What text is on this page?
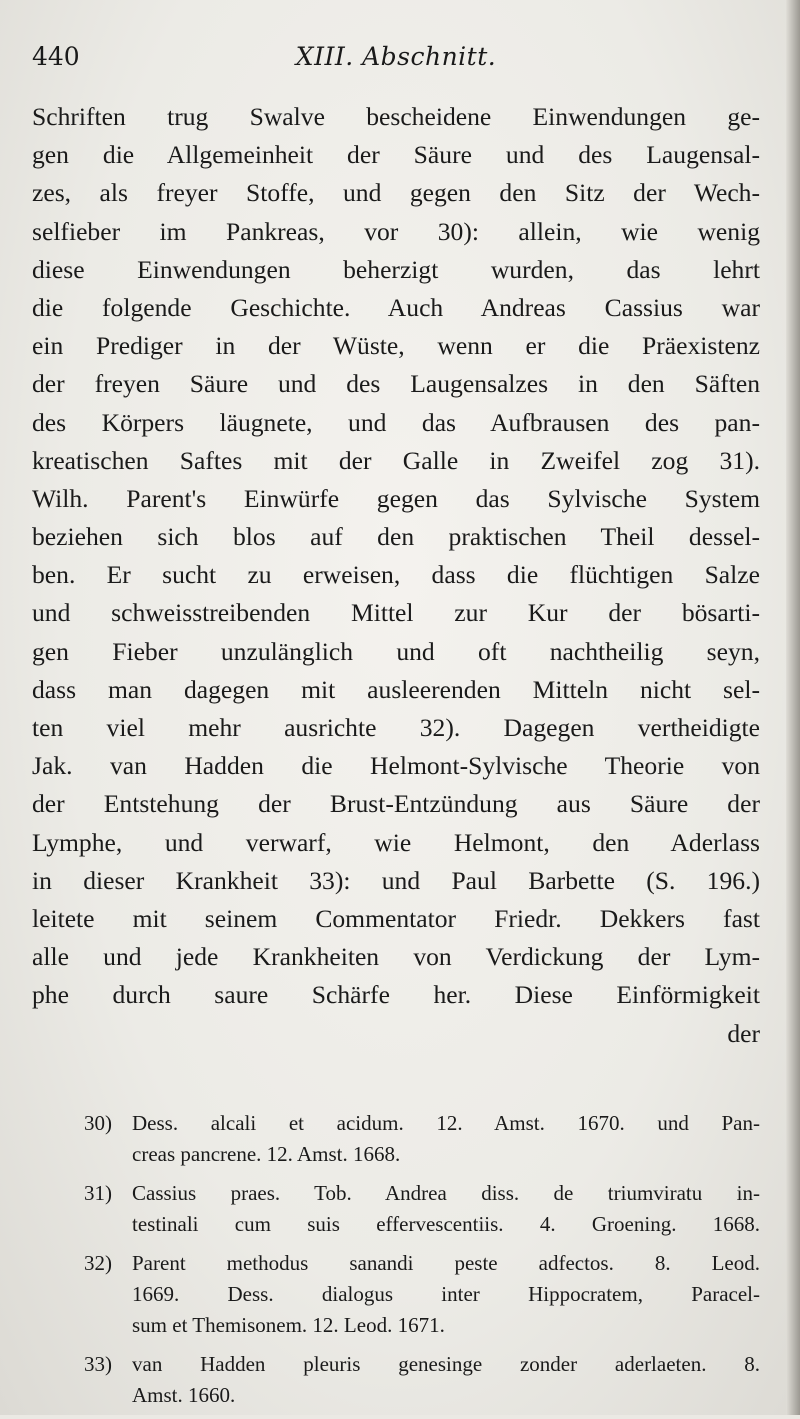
440	XIII. Abschnitt.
Schriften trug Swalve bescheidene Einwendungen ge-
gen die Allgemeinheit der Säure und des Laugensal-
zes, als freyer Stoffe, und gegen den Sitz der Wech-
selfieber im Pankreas, vor 30): allein, wie wenig
diese Einwendungen beherzigt wurden, das lehrt
die folgende Geschichte. Auch Andreas Cassius war
ein Prediger in der Wüste, wenn er die Präexistenz
der freyen Säure und des Laugensalzes in den Säften
des Körpers läugnete, und das Aufbrausen des pan-
kreatischen Saftes mit der Galle in Zweifel zog 31).
Wilh. Parent's Einwürfe gegen das Sylvische System
beziehen sich blos auf den praktischen Theil dessel-
ben. Er sucht zu erweisen, dass die flüchtigen Salze
und schweisstreibenden Mittel zur Kur der bösarti-
gen Fieber unzulänglich und oft nachtheilig seyn,
dass man dagegen mit ausleerenden Mitteln nicht sel-
ten viel mehr ausrichte 32). Dagegen vertheidigte
Jak. van Hadden die Helmont-Sylvische Theorie von
der Entstehung der Brust-Entzündung aus Säure der
Lymphe, und verwarf, wie Helmont, den Aderlass
in dieser Krankheit 33): und Paul Barbette (S. 196.)
leitete mit seinem Commentator Friedr. Dekkers fast
alle und jede Krankheiten von Verdickung der Lym-
phe durch saure Schärfe her. Diese Einförmigkeit
der
30) Dess. alcali et acidum. 12. Amst. 1670. und Pan-
creas pancrene. 12. Amst. 1668.
31) Cassius praes. Tob. Andrea diss. de triumviratu in-
testinali cum suis effervescentiis. 4. Groening. 1668.
32) Parent methodus sanandi peste adfectos. 8. Leod.
1669. Dess. dialogus inter Hippocratem, Paracel-
sum et Themisonem. 12. Leod. 1671.
33) van Hadden pleuris genesinge zonder aderlaeten. 8.
Amst. 1660.
